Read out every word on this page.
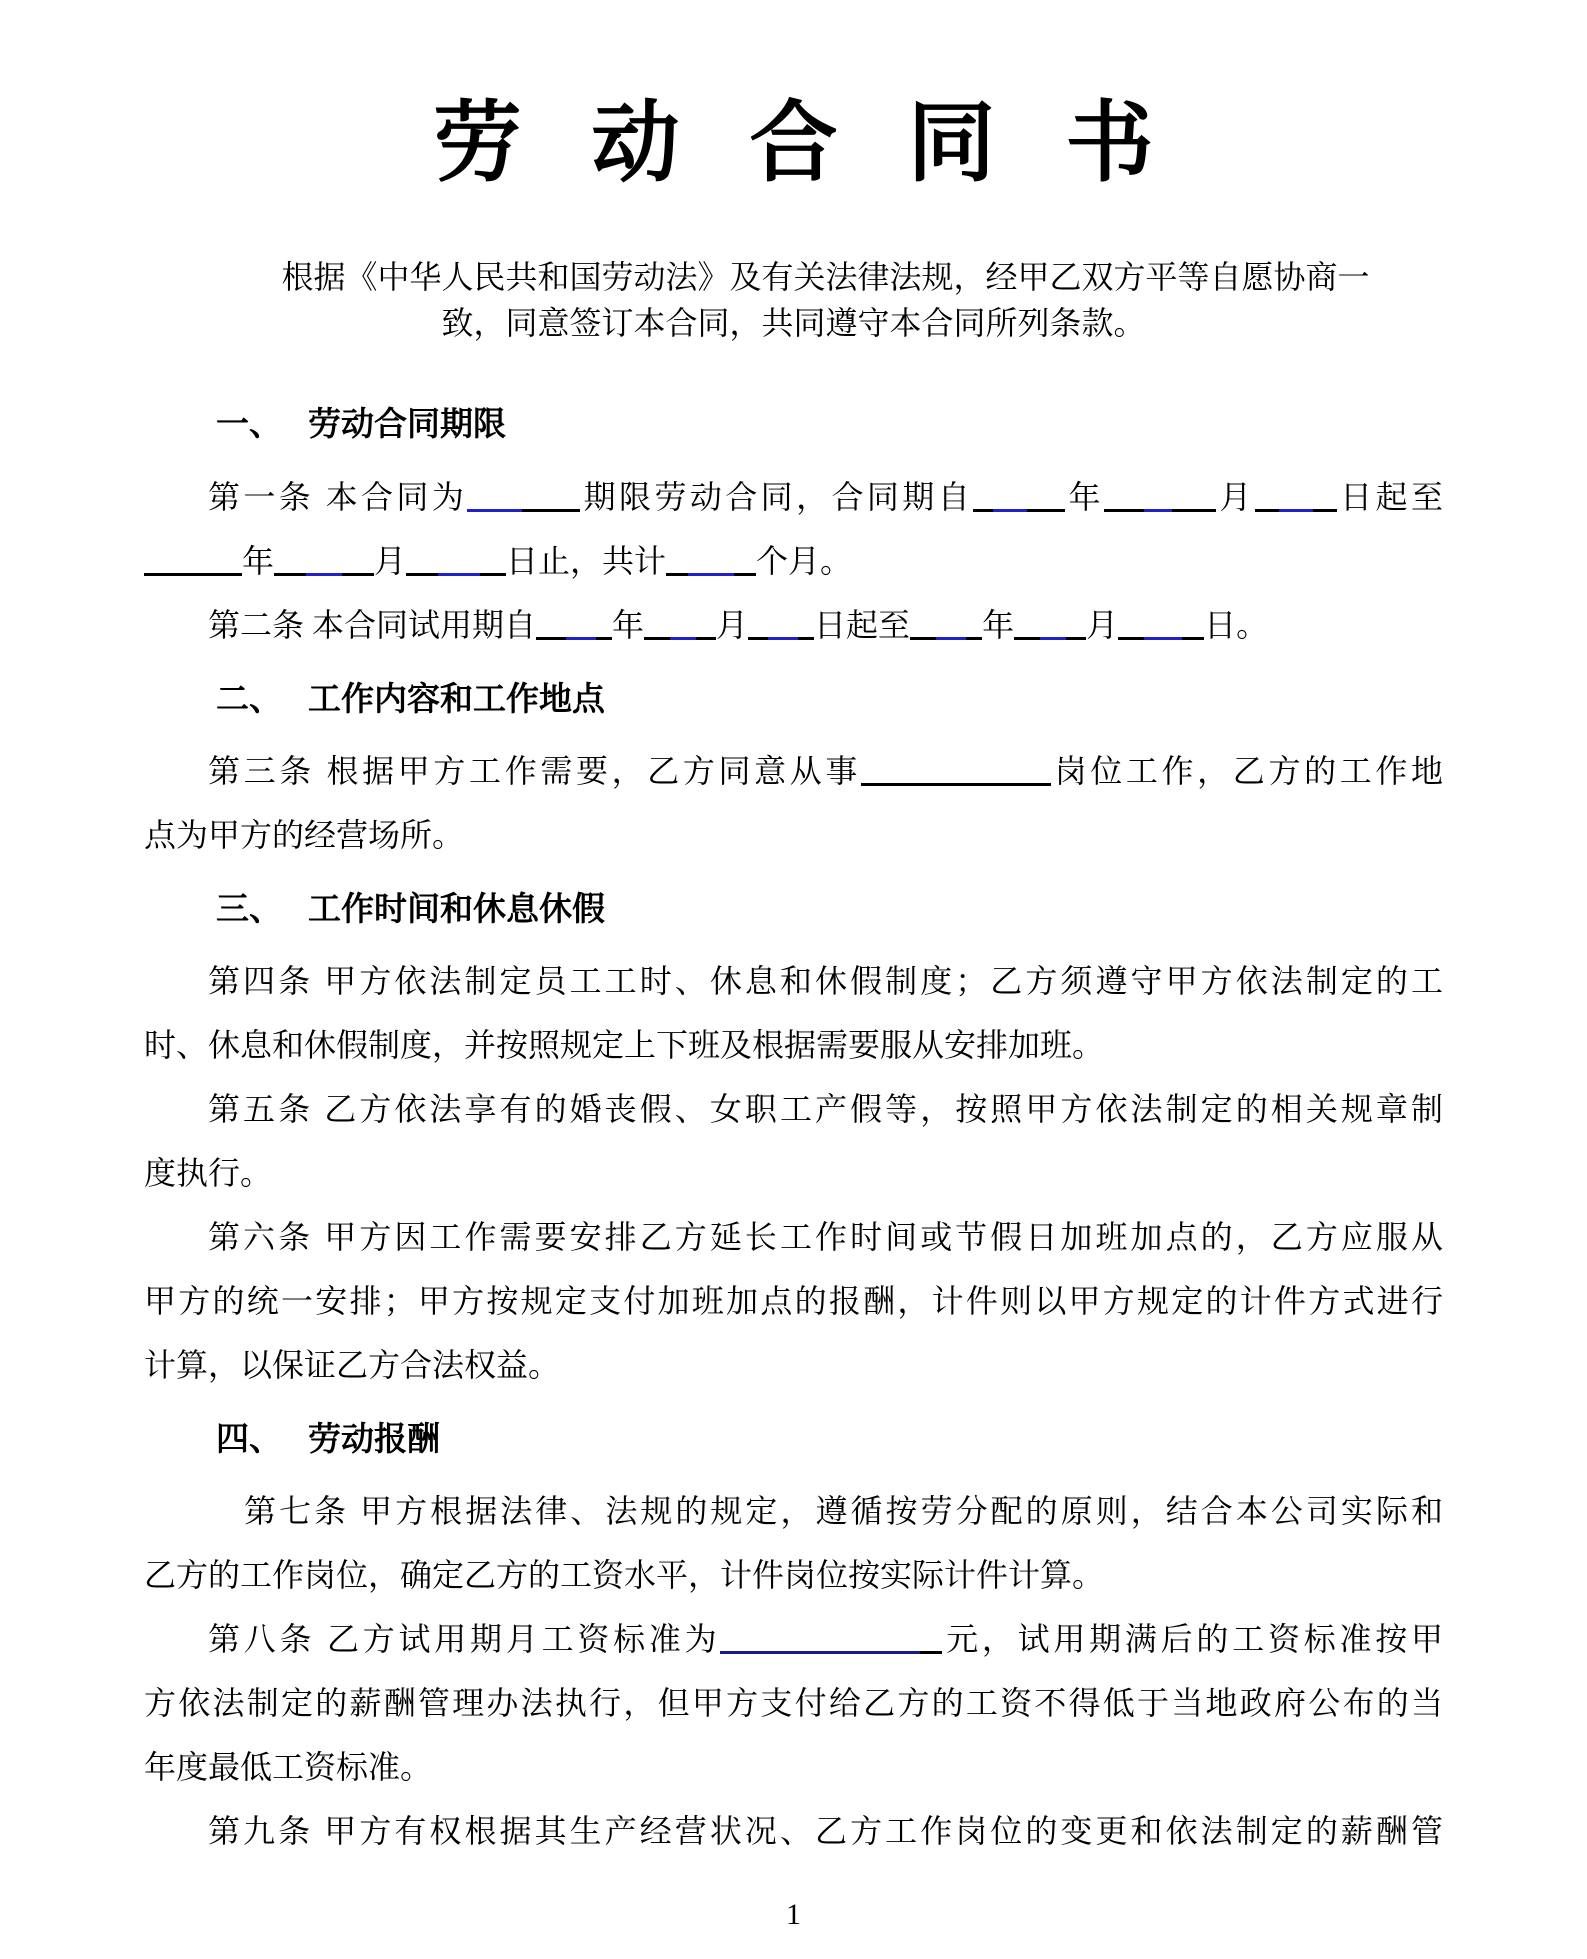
劳动合同书

根据《中华人民共和国劳动法》及有关法律法规，经甲乙双方平等自愿协商一
致，同意签订本合同，共同遵守本合同所列条款。

一、 劳动合同期限
第一条 本合同为	期限劳动合同，合同期自	年	月	日起至
年	月	日止，共计	个月。
第二条 本合同试用期自 年 月 日起至 年 月	日。
二、 工作内容和工作地点
第三条 根据甲方工作需要，乙方同意从事	岗位工作，乙方的工作地
点为甲方的经营场所。
三、 工作时间和休息休假
第四条 甲方依法制定员工工时、休息和休假制度；乙方须遵守甲方依法制定的工
时、休息和休假制度，并按照规定上下班及根据需要服从安排加班。
第五条 乙方依法享有的婚丧假、女职工产假等，按照甲方依法制定的相关规章制
度执行。
第六条 甲方因工作需要安排乙方延长工作时间或节假日加班加点的，乙方应服从
甲方的统一安排；甲方按规定支付加班加点的报酬，计件则以甲方规定的计件方式进行
计算，以保证乙方合法权益。
四、 劳动报酬
第七条 甲方根据法律、法规的规定，遵循按劳分配的原则，结合本公司实际和
乙方的工作岗位，确定乙方的工资水平，计件岗位按实际计件计算。
第八条 乙方试用期月工资标准为	元，试用期满后的工资标准按甲
方依法制定的薪酬管理办法执行，但甲方支付给乙方的工资不得低于当地政府公布的当
年度最低工资标准。
第九条 甲方有权根据其生产经营状况、乙方工作岗位的变更和依法制定的薪酬管
1
